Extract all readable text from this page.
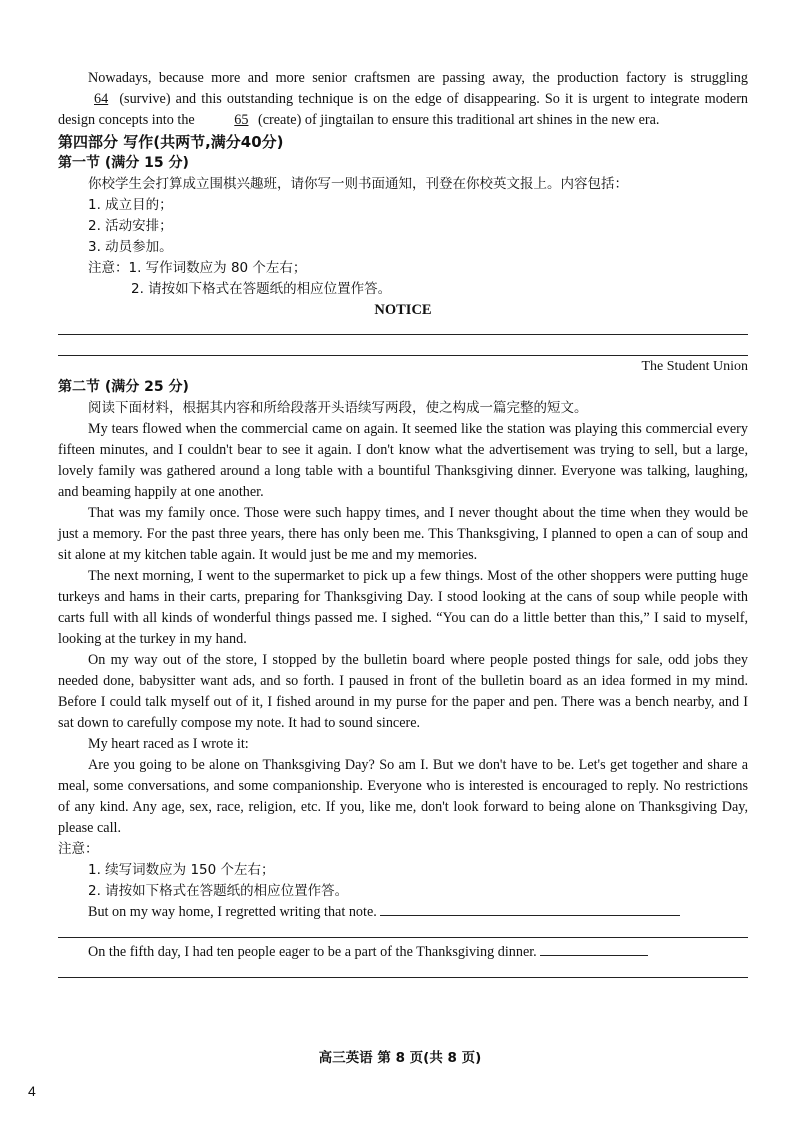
Nowadays, because more and more senior craftsmen are passing away, the production factory is struggling 64 (survive) and this outstanding technique is on the edge of disappearing. So it is urgent to integrate modern design concepts into the	65 (create) of jingtailan to ensure this traditional art shines in the new era.

第四部分 写作(共两节,满分40分)

第一节 (满分 15 分)

你校学生会打算成立围棋兴趣班，请你写一则书面通知，刊登在你校英文报上。内容包括：

1. 成立目的；

2. 活动安排；

3. 动员参加。

注意：1. 写作词数应为 80 个左右；

2. 请按如下格式在答题纸的相应位置作答。

NOTICE

The Student Union

第二节 (满分 25 分)

阅读下面材料，根据其内容和所给段落开头语续写两段，使之构成一篇完整的短文。

My tears flowed when the commercial came on again. It seemed like the station was playing this commercial every fifteen minutes, and I couldn't bear to see it again. I don't know what the advertisement was trying to sell, but a large, lovely family was gathered around a long table with a bountiful Thanksgiving dinner. Everyone was talking, laughing, and beaming happily at one another.

That was my family once. Those were such happy times, and I never thought about the time when they would be just a memory. For the past three years, there has only been me. This Thanksgiving, I planned to open a can of soup and sit alone at my kitchen table again. It would just be me and my memories.

The next morning, I went to the supermarket to pick up a few things. Most of the other shoppers were putting huge turkeys and hams in their carts, preparing for Thanksgiving Day. I stood looking at the cans of soup while people with carts full with all kinds of wonderful things passed me. I sighed. “You can do a little better than this,” I said to myself, looking at the turkey in my hand.

On my way out of the store, I stopped by the bulletin board where people posted things for sale, odd jobs they needed done, babysitter want ads, and so forth. I paused in front of the bulletin board as an idea formed in my mind. Before I could talk myself out of it, I fished around in my purse for the paper and pen. There was a bench nearby, and I sat down to carefully compose my note. It had to sound sincere.

My heart raced as I wrote it:

Are you going to be alone on Thanksgiving Day? So am I. But we don't have to be. Let's get together and share a meal, some conversations, and some companionship. Everyone who is interested is encouraged to reply. No restrictions of any kind. Any age, sex, race, religion, etc. If you, like me, don't look forward to being alone on Thanksgiving Day, please call.

注意：

1. 续写词数应为 150 个左右；

2. 请按如下格式在答题纸的相应位置作答。

But on my way home, I regretted writing that note.

On the fifth day, I had ten people eager to be a part of the Thanksgiving dinner.

高三英语 第 8 页(共 8 页)
4
